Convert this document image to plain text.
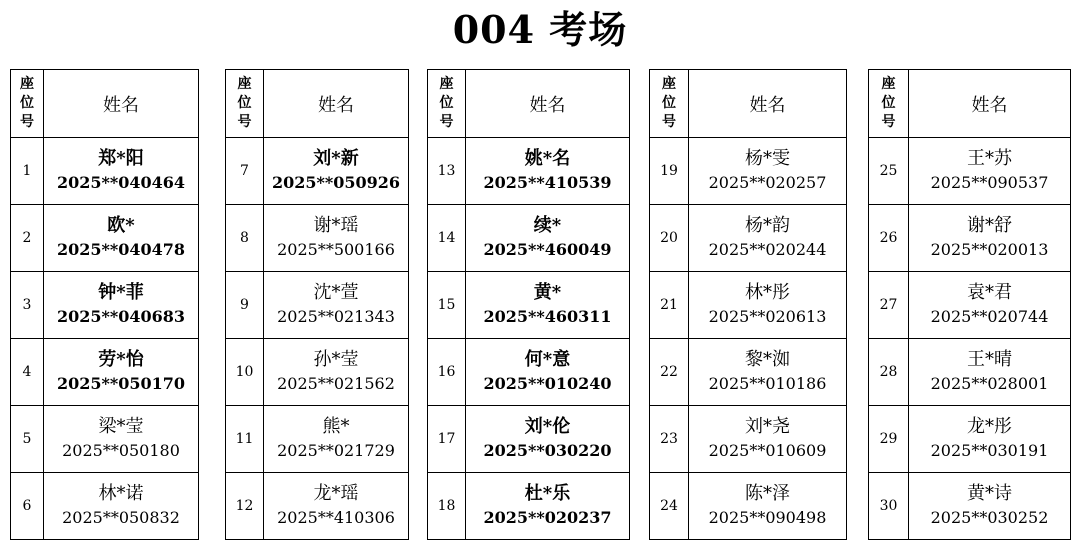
004 考场
座
位
号	姓名
1	郑*阳
2025**040464

2	欧*
2025**040478

3	钟*菲
2025**040683

4	劳*怡
2025**050170

5	梁*莹
2025**050180

6	林*诺
2025**050832
座
位
号	姓名
7	刘*新
2025**050926

8	谢*瑶
2025**500166

9	沈*萱
2025**021343

10	孙*莹
2025**021562

11	熊*
2025**021729

12	龙*瑶
2025**410306
座
位
号	姓名
13	姚*名
2025**410539

14	续*
2025**460049

15	黄*
2025**460311

16	何*意
2025**010240

17	刘*伦
2025**030220

18	杜*乐
2025**020237
座
位
号	姓名
19	杨*雯
2025**020257

20	杨*韵
2025**020244

21	林*彤
2025**020613

22	黎*洳
2025**010186

23	刘*尧
2025**010609

24	陈*泽
2025**090498
座
位
号	姓名
25	王*苏
2025**090537

26	谢*舒
2025**020013

27	袁*君
2025**020744

28	王*晴
2025**028001

29	龙*彤
2025**030191

30	黄*诗
2025**030252
